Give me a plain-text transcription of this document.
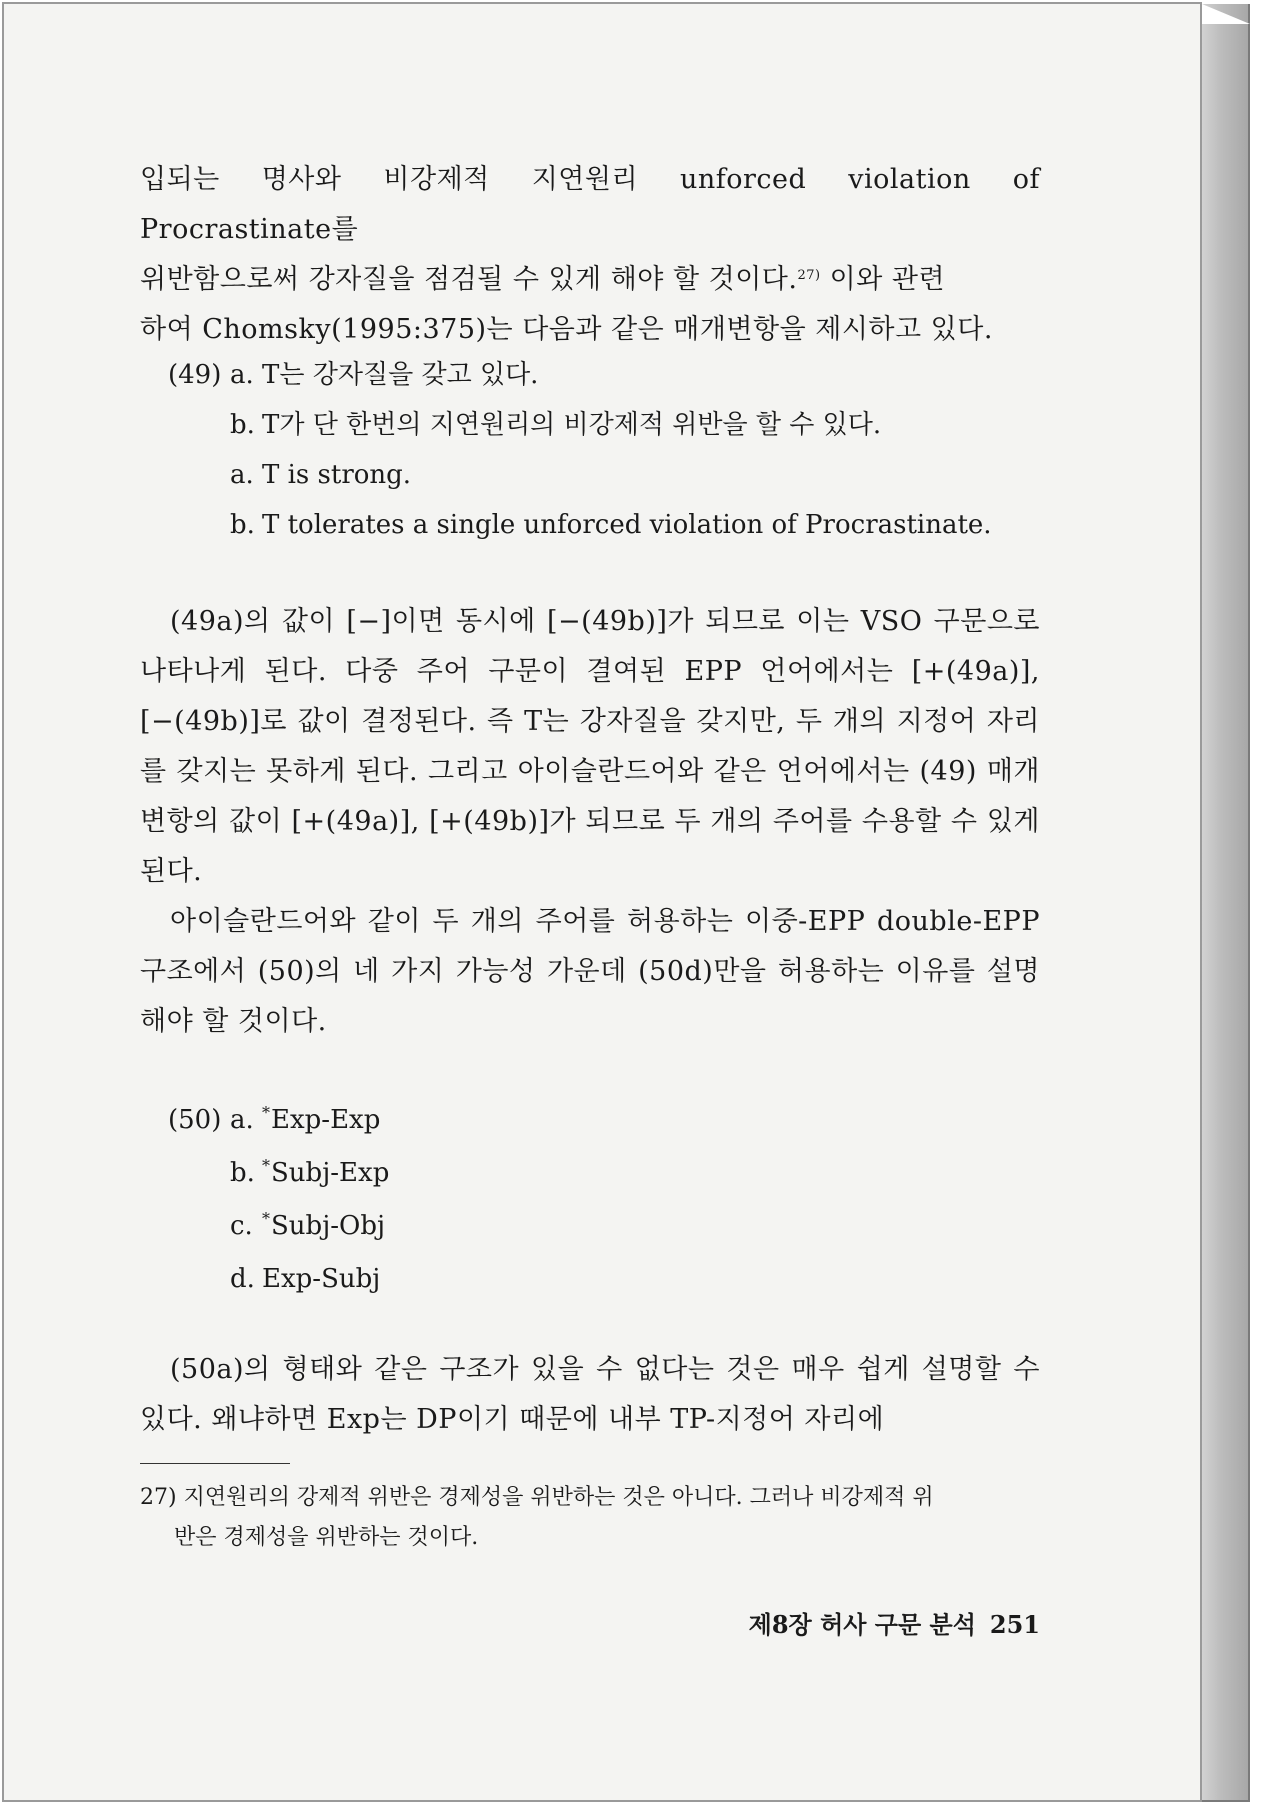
입되는 명사와 비강제적 지연원리 unforced violation of Procrastinate를

위반함으로써 강자질을 점검될 수 있게 해야 할 것이다.$^{27)}$ 이와 관련

하여 Chomsky(1995:375)는 다음과 같은 매개변항을 제시하고 있다.

(49) a. T는 강자질을 갖고 있다.
b. T가 단 한번의 지연원리의 비강제적 위반을 할 수 있다.
a. T is strong.
b. T tolerates a single unforced violation of Procrastinate.

(49a)의 값이 [−]이면 동시에 [−(49b)]가 되므로 이는 VSO 구문으로 나타나게 된다. 다중 주어 구문이 결여된 EPP 언어에서는 [+(49a)], [−(49b)]로 값이 결정된다. 즉 T는 강자질을 갖지만, 두 개의 지정어 자리를 갖지는 못하게 된다. 그리고 아이슬란드어와 같은 언어에서는 (49) 매개변항의 값이 [+(49a)], [+(49b)]가 되므로 두 개의 주어를 수용할 수 있게 된다.

아이슬란드어와 같이 두 개의 주어를 허용하는 이중-EPP double-EPP구조에서 (50)의 네 가지 가능성 가운데 (50d)만을 허용하는 이유를 설명해야 할 것이다.

(50) a. *Exp-Exp
b. *Subj-Exp
c. *Subj-Obj
d. Exp-Subj

(50a)의 형태와 같은 구조가 있을 수 없다는 것은 매우 쉽게 설명할 수 있다. 왜냐하면 Exp는 DP이기 때문에 내부 TP-지정어 자리에

27) 지연원리의 강제적 위반은 경제성을 위반하는 것은 아니다. 그러나 비강제적 위
반은 경제성을 위반하는 것이다.
제8장 허사 구문 분석 251
